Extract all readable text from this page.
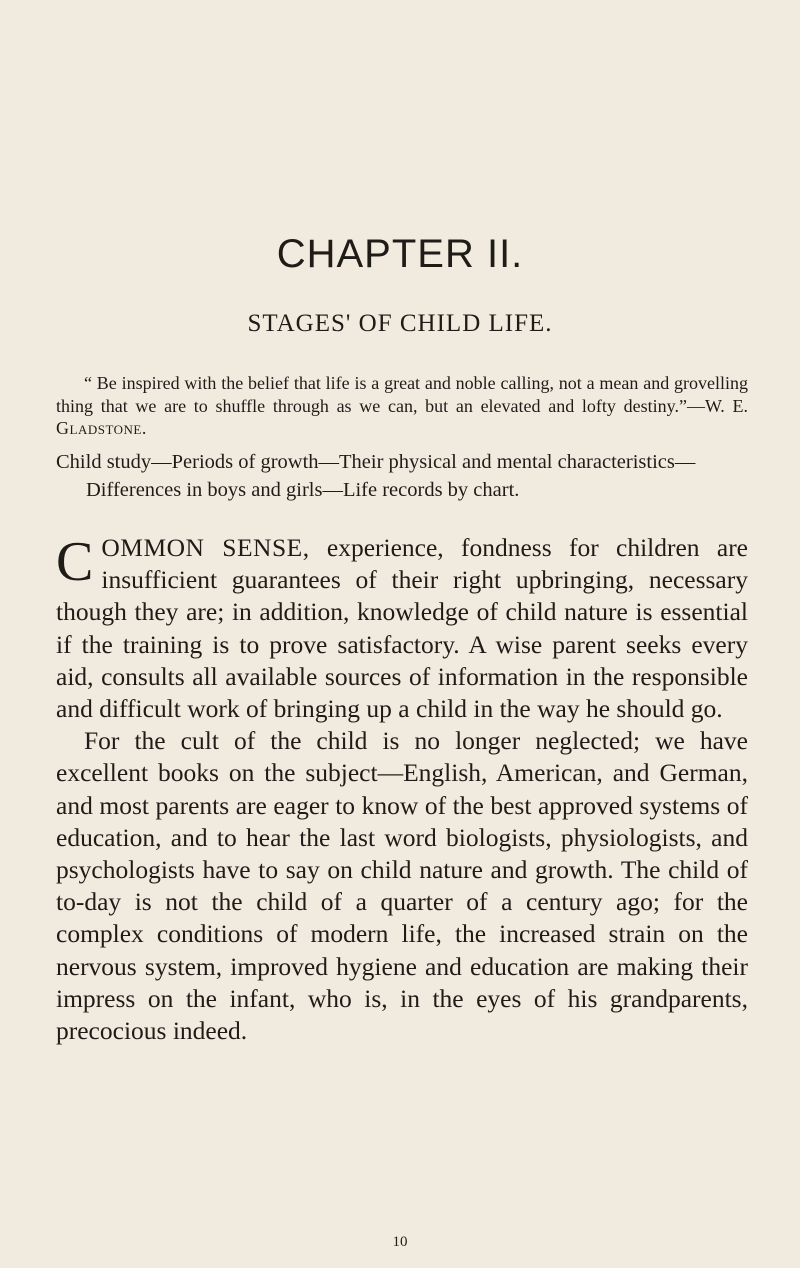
CHAPTER II.
STAGES' OF CHILD LIFE.

“ Be inspired with the belief that life is a great and noble calling, not a mean and grovelling thing that we are to shuffle through as we can, but an elevated and lofty destiny.”—W. E. Gladstone.

Child study—Periods of growth—Their physical and mental characteristics—Differences in boys and girls—Life records by chart.

COMMON SENSE, experience, fondness for children are insufficient guarantees of their right upbringing, necessary though they are; in addition, knowledge of child nature is essential if the training is to prove satisfactory. A wise parent seeks every aid, consults all available sources of information in the responsible and difficult work of bringing up a child in the way he should go.

For the cult of the child is no longer neglected; we have excellent books on the subject—English, American, and German, and most parents are eager to know of the best approved systems of education, and to hear the last word biologists, physiologists, and psychologists have to say on child nature and growth. The child of to-day is not the child of a quarter of a century ago; for the complex conditions of modern life, the increased strain on the nervous system, improved hygiene and education are making their impress on the infant, who is, in the eyes of his grandparents, precocious indeed.

10
